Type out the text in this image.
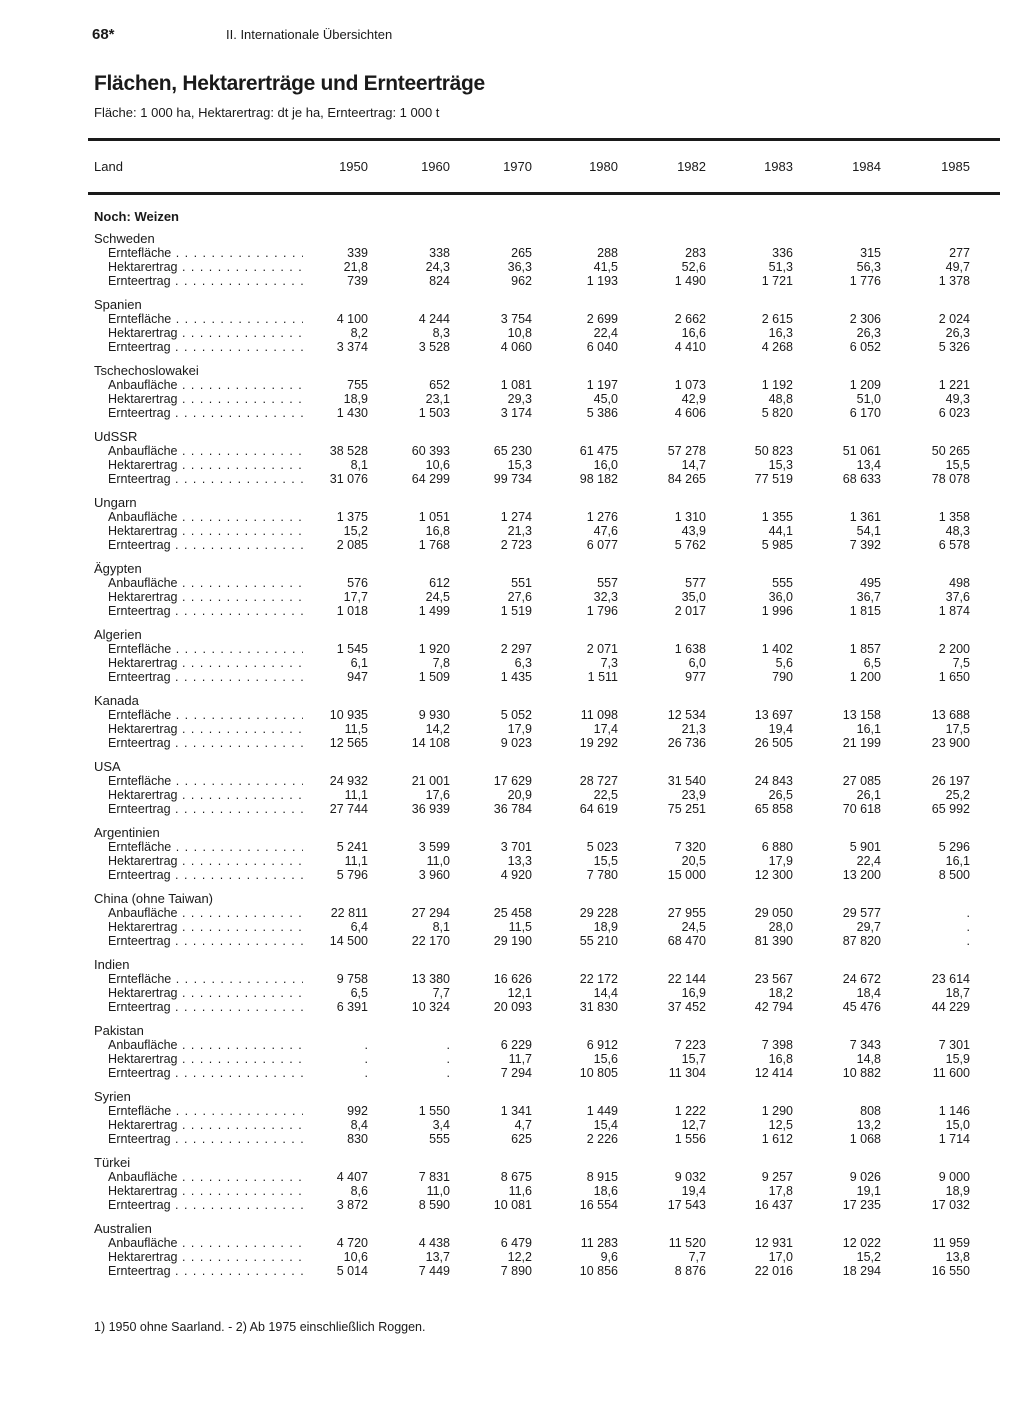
68*	II. Internationale Übersichten
Flächen, Hektarerträge und Ernteerträge
Fläche: 1 000 ha, Hektarertrag: dt je ha, Ernteertrag: 1 000 t
Land	1950	1960	1970	1980	1982	1983	1984	1985
Noch: Weizen
Schweden
Erntefläche . . .	339	338	265	288	283	336	315	277
Hektarertrag . . .	21,8	24,3	36,3	41,5	52,6	51,3	56,3	49,7
Ernteertrag . . .	739	824	962	1 193	1 490	1 721	1 776	1 378
Spanien
Erntefläche . . .	4 100	4 244	3 754	2 699	2 662	2 615	2 306	2 024
Hektarertrag . . .	8,2	8,3	10,8	22,4	16,6	16,3	26,3	26,3
Ernteertrag . . .	3 374	3 528	4 060	6 040	4 410	4 268	6 052	5 326
Tschechoslowakei
Anbaufläche . . .	755	652	1 081	1 197	1 073	1 192	1 209	1 221
Hektarertrag . . .	18,9	23,1	29,3	45,0	42,9	48,8	51,0	49,3
Ernteertrag . . .	1 430	1 503	3 174	5 386	4 606	5 820	6 170	6 023
UdSSR
Anbaufläche . . .	38 528	60 393	65 230	61 475	57 278	50 823	51 061	50 265
Hektarertrag . . .	8,1	10,6	15,3	16,0	14,7	15,3	13,4	15,5
Ernteertrag . . .	31 076	64 299	99 734	98 182	84 265	77 519	68 633	78 078
Ungarn
Anbaufläche . . .	1 375	1 051	1 274	1 276	1 310	1 355	1 361	1 358
Hektarertrag . . .	15,2	16,8	21,3	47,6	43,9	44,1	54,1	48,3
Ernteertrag . . .	2 085	1 768	2 723	6 077	5 762	5 985	7 392	6 578
Ägypten
Anbaufläche . . .	576	612	551	557	577	555	495	498
Hektarertrag . . .	17,7	24,5	27,6	32,3	35,0	36,0	36,7	37,6
Ernteertrag . . .	1 018	1 499	1 519	1 796	2 017	1 996	1 815	1 874
Algerien
Erntefläche . . .	1 545	1 920	2 297	2 071	1 638	1 402	1 857	2 200
Hektarertrag . . .	6,1	7,8	6,3	7,3	6,0	5,6	6,5	7,5
Ernteertrag . . .	947	1 509	1 435	1 511	977	790	1 200	1 650
Kanada
Erntefläche . . .	10 935	9 930	5 052	11 098	12 534	13 697	13 158	13 688
Hektarertrag . . .	11,5	14,2	17,9	17,4	21,3	19,4	16,1	17,5
Ernteertrag . . .	12 565	14 108	9 023	19 292	26 736	26 505	21 199	23 900
USA
Erntefläche . . .	24 932	21 001	17 629	28 727	31 540	24 843	27 085	26 197
Hektarertrag . . .	11,1	17,6	20,9	22,5	23,9	26,5	26,1	25,2
Ernteertrag . . .	27 744	36 939	36 784	64 619	75 251	65 858	70 618	65 992
Argentinien
Erntefläche . . .	5 241	3 599	3 701	5 023	7 320	6 880	5 901	5 296
Hektarertrag . . .	11,1	11,0	13,3	15,5	20,5	17,9	22,4	16,1
Ernteertrag . . .	5 796	3 960	4 920	7 780	15 000	12 300	13 200	8 500
China (ohne Taiwan)
Anbaufläche . . .	22 811	27 294	25 458	29 228	27 955	29 050	29 577	.
Hektarertrag . . .	6,4	8,1	11,5	18,9	24,5	28,0	29,7	.
Ernteertrag . . .	14 500	22 170	29 190	55 210	68 470	81 390	87 820	.
Indien
Erntefläche . . .	9 758	13 380	16 626	22 172	22 144	23 567	24 672	23 614
Hektarertrag . . .	6,5	7,7	12,1	14,4	16,9	18,2	18,4	18,7
Ernteertrag . . .	6 391	10 324	20 093	31 830	37 452	42 794	45 476	44 229
Pakistan
Anbaufläche . . .	.	.	6 229	6 912	7 223	7 398	7 343	7 301
Hektarertrag . . .	.	.	11,7	15,6	15,7	16,8	14,8	15,9
Ernteertrag . . .	.	.	7 294	10 805	11 304	12 414	10 882	11 600
Syrien
Erntefläche . . .	992	1 550	1 341	1 449	1 222	1 290	808	1 146
Hektarertrag . . .	8,4	3,4	4,7	15,4	12,7	12,5	13,2	15,0
Ernteertrag . . .	830	555	625	2 226	1 556	1 612	1 068	1 714
Türkei
Anbaufläche . . .	4 407	7 831	8 675	8 915	9 032	9 257	9 026	9 000
Hektarertrag . . .	8,6	11,0	11,6	18,6	19,4	17,8	19,1	18,9
Ernteertrag . . .	3 872	8 590	10 081	16 554	17 543	16 437	17 235	17 032
Australien
Anbaufläche . . .	4 720	4 438	6 479	11 283	11 520	12 931	12 022	11 959
Hektarertrag . . .	10,6	13,7	12,2	9,6	7,7	17,0	15,2	13,8
Ernteertrag . . .	5 014	7 449	7 890	10 856	8 876	22 016	18 294	16 550
1) 1950 ohne Saarland. - 2) Ab 1975 einschließlich Roggen.
